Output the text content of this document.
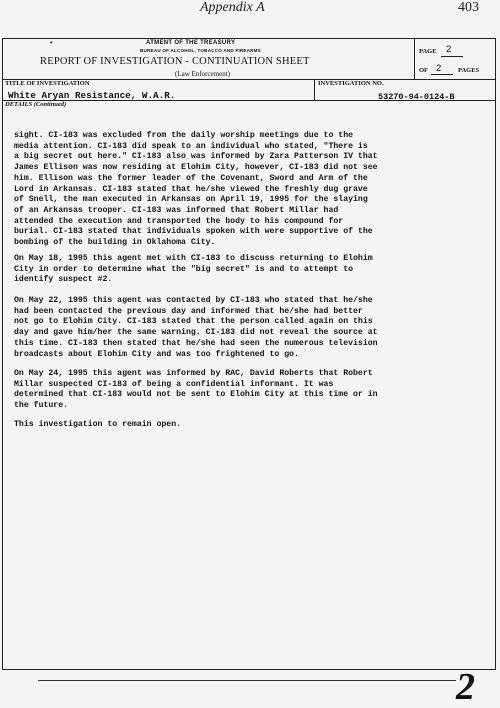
Appendix A	403
•	ATMENT OF THE TREASURY
BUREAU OF ALCOHOL, TOBACCO AND FIREARMS
REPORT OF INVESTIGATION - CONTINUATION SHEET
(Law Enforcement)
PAGE 2
OF 2	PAGES
TITLE OF INVESTIGATION
White Aryan Resistance, W.A.R.
INVESTIGATION NO.
53270-94-0124-B
DETAILS (Continued)
sight. CI-183 was excluded from the daily worship meetings due to the
media attention. CI-183 did speak to an individual who stated, "There is
a big secret out here." CI-183 also was informed by Zara Patterson IV that
James Ellison was now residing at Elohim City, however, CI-183 did not see
him. Ellison was the former leader of the Covenant, Sword and Arm of the
Lord in Arkansas. CI-183 stated that he/she viewed the freshly dug grave
of Snell, the man executed in Arkansas on April 19, 1995 for the slaying
of an Arkansas trooper. CI-183 was informed that Robert Millar had
attended the execution and transported the body to his compound for
burial. CI-183 stated that individuals spoken with were supportive of the
bombing of the building in Oklahoma City.
On May 18, 1995 this agent met with CI-183 to discuss returning to Elohim
City in order to determine what the "big secret" is and to attempt to
identify suspect #2.
On May 22, 1995 this agent was contacted by CI-183 who stated that he/she
had been contacted the previous day and informed that he/she had better
not go to Elohim City. CI-183 stated that the person called again on this
day and gave him/her the same warning. CI-183 did not reveal the source at
this time. CI-183 then stated that he/she had seen the numerous television
broadcasts about Elohim City and was too frightened to go.
On May 24, 1995 this agent was informed by RAC, David Roberts that Robert
Millar suspected CI-183 of being a confidential informant. It was
determined that CI-183 would not be sent to Elohim City at this time or in
the future.
This investigation to remain open.
2
